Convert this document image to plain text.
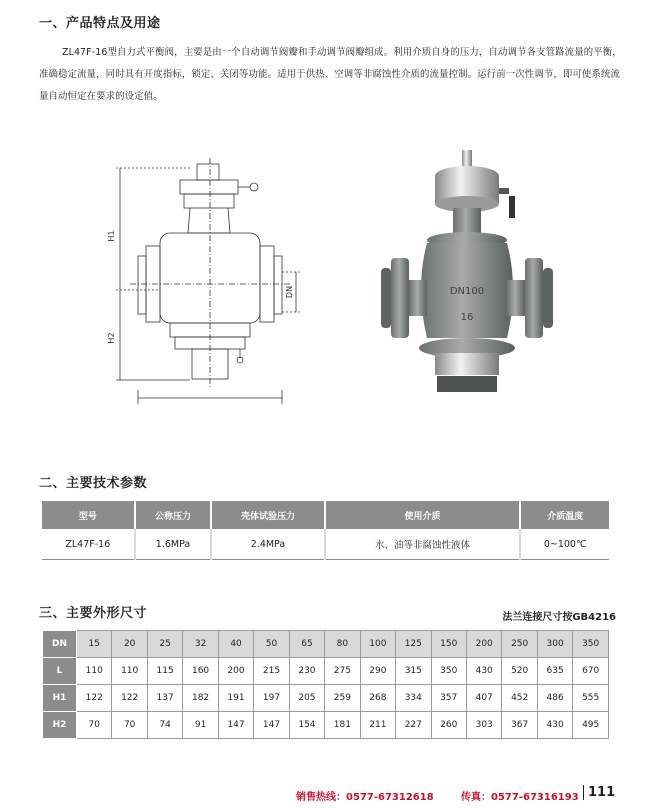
一、产品特点及用途

ZL47F-16型自力式平衡阀，主要是由一个自动调节阀瓣和手动调节阀瓣组成。利用介质自身的压力，自动调节各支管路流量的平衡，准确稳定流量，同时具有开度指标，锁定、关闭等功能。适用于供热、空调等非腐蚀性介质的流量控制。运行前一次性调节，即可使系统流量自动恒定在要求的设定值。

H1
H2
DN	DN100
16
二、主要技术参数
型号	公称压力	壳体试验压力	使用介质	介质温度
ZL47F-16	1.6MPa	2.4MPa	水、油等非腐蚀性液体	0~100℃
三、主要外形尺寸	法兰连接尺寸按GB4216
DN	15	20	25	32	40	50	65	80	100	125	150	200	250	300	350
L	110	110	115	160	200	215	230	275	290	315	350	430	520	635	670
H1	122	122	137	182	191	197	205	259	268	334	357	407	452	486	555
H2	70	70	74	91	147	147	154	181	211	227	260	303	367	430	495
销售热线：0577-67312618	传真：0577-67316193 111
